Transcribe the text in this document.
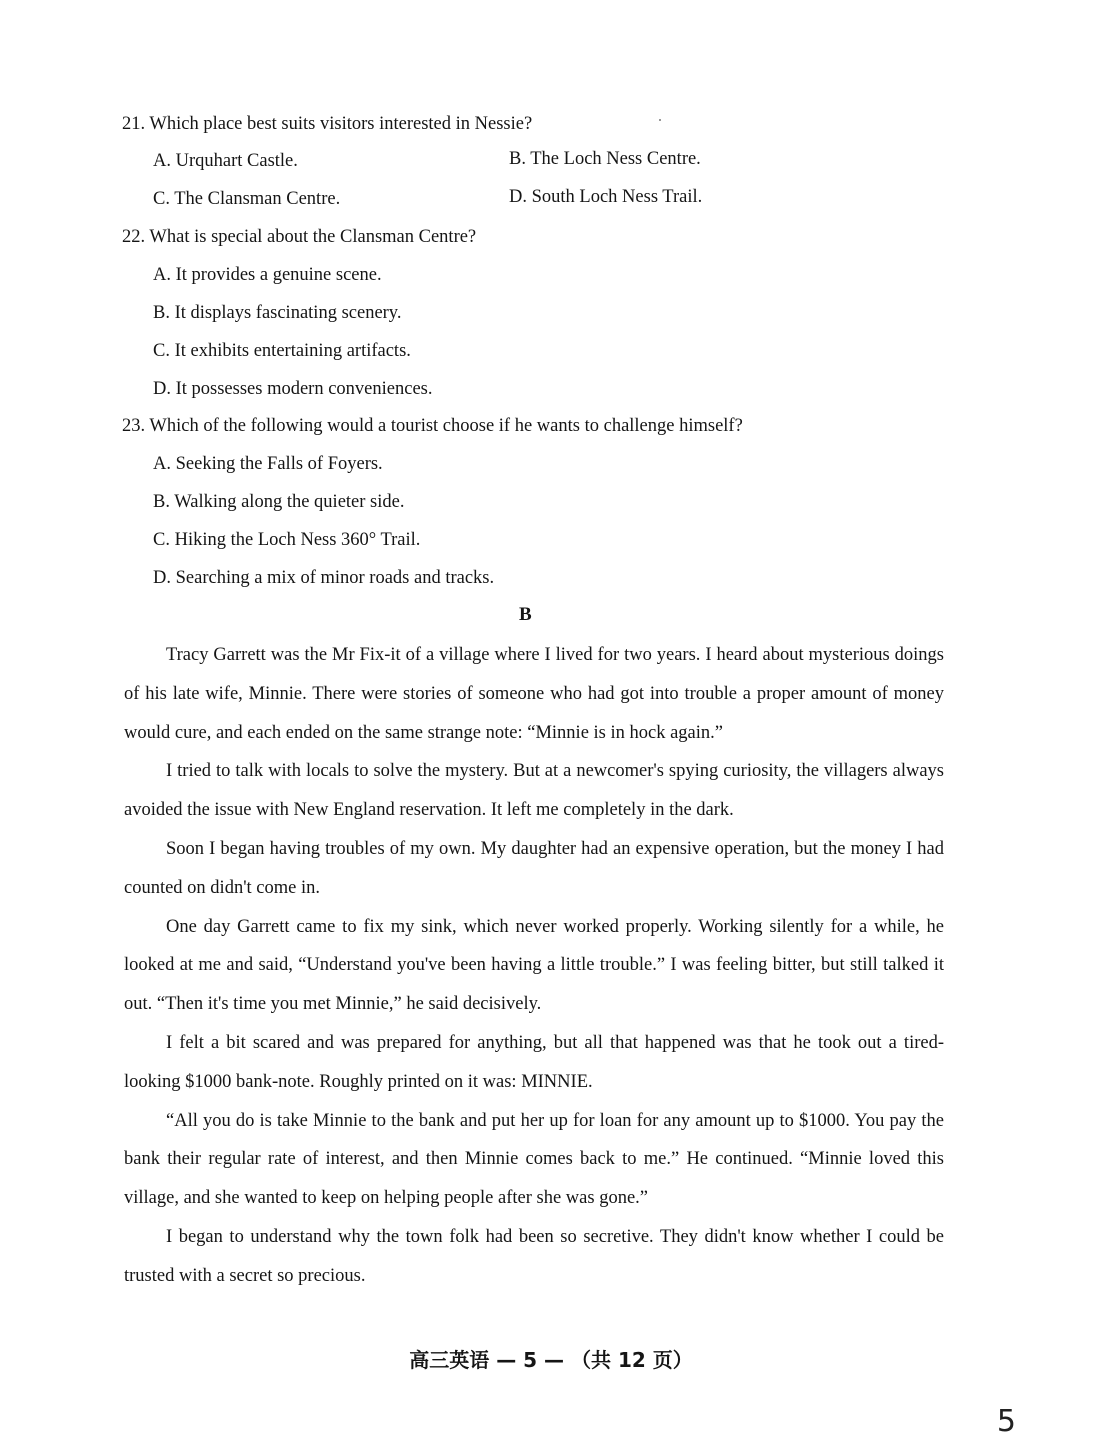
21. Which place best suits visitors interested in Nessie?
A. Urquhart Castle.	B. The Loch Ness Centre.
C. The Clansman Centre.	D. South Loch Ness Trail.
22. What is special about the Clansman Centre?
A. It provides a genuine scene.
B. It displays fascinating scenery.
C. It exhibits entertaining artifacts.
D. It possesses modern conveniences.
23. Which of the following would a tourist choose if he wants to challenge himself?
A. Seeking the Falls of Foyers.
B. Walking along the quieter side.
C. Hiking the Loch Ness 360° Trail.
D. Searching a mix of minor roads and tracks.
B

Tracy Garrett was the Mr Fix-it of a village where I lived for two years. I heard about mysterious doings of his late wife, Minnie. There were stories of someone who had got into trouble a proper amount of money would cure, and each ended on the same strange note: “Minnie is in hock again.”

I tried to talk with locals to solve the mystery. But at a newcomer's spying curiosity, the villagers always avoided the issue with New England reservation. It left me completely in the dark.

Soon I began having troubles of my own. My daughter had an expensive operation, but the money I had counted on didn't come in.

One day Garrett came to fix my sink, which never worked properly. Working silently for a while, he looked at me and said, “Understand you've been having a little trouble.” I was feeling bitter, but still talked it out. “Then it's time you met Minnie,” he said decisively.

I felt a bit scared and was prepared for anything, but all that happened was that he took out a tired-looking $1000 bank-note. Roughly printed on it was: MINNIE.

“All you do is take Minnie to the bank and put her up for loan for any amount up to $1000. You pay the bank their regular rate of interest, and then Minnie comes back to me.” He continued. “Minnie loved this village, and she wanted to keep on helping people after she was gone.”

I began to understand why the town folk had been so secretive. They didn't know whether I could be trusted with a secret so precious.

高三英语 — 5 — （共 12 页）
5
